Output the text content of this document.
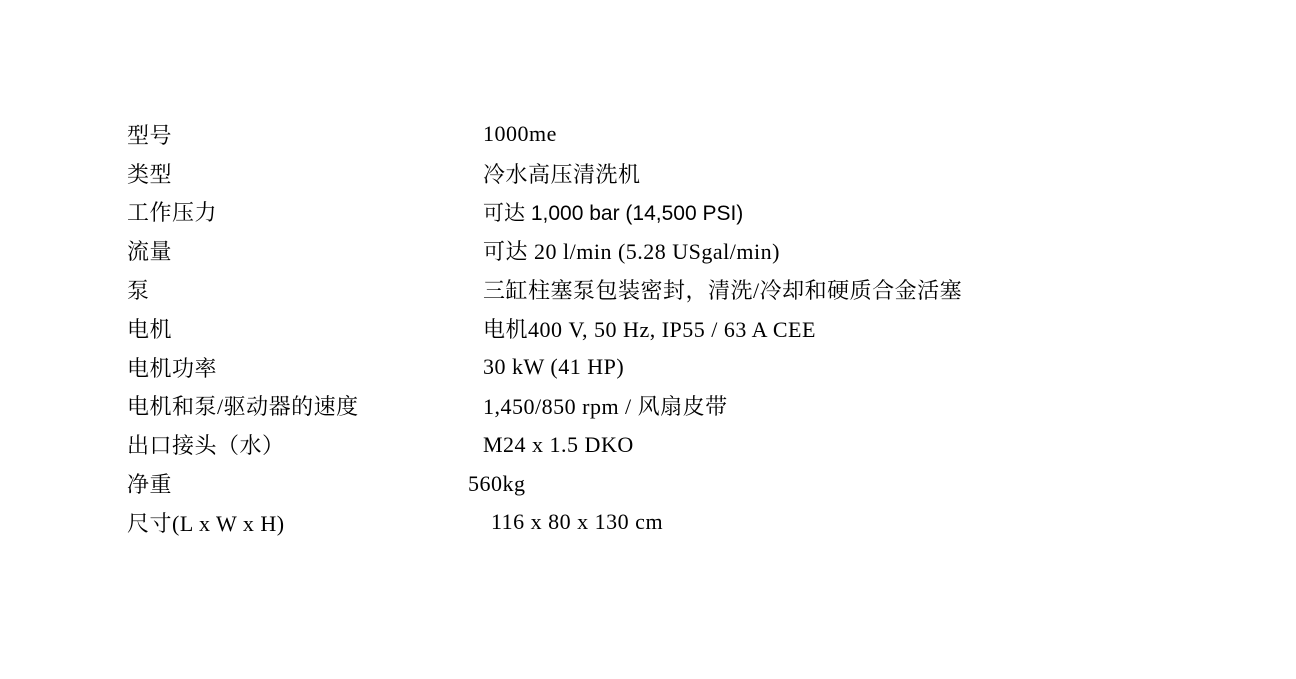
型号	1000me
类型	冷水高压清洗机
工作压力	可达 1,000 bar (14,500 PSI)
流量	可达 20 l/min (5.28 USgal/min)
泵	三缸柱塞泵包装密封，清洗/冷却和硬质合金活塞
电机	电机400 V, 50 Hz, IP55 / 63 A CEE
电机功率	30 kW (41 HP)
电机和泵/驱动器的速度	1,450/850 rpm / 风扇皮带
出口接头（水）	M24 x 1.5 DKO
净重	560kg
尺寸(L x W x H)	116 x 80 x 130 cm
